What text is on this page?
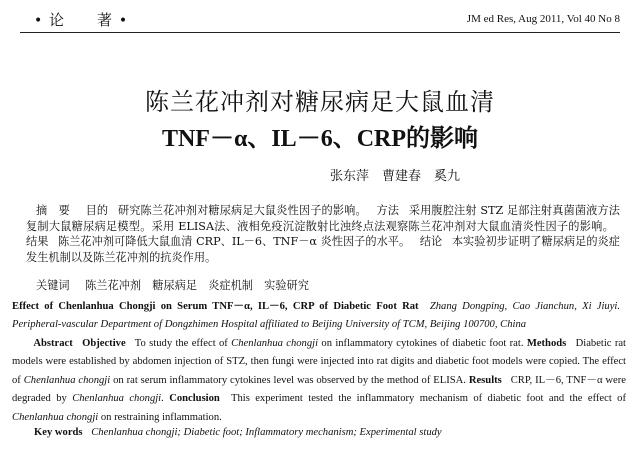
• 论　　著 •	JM ed Res, Aug 2011, Vol 40 No 8
陈兰花冲剂对糖尿病足大鼠血清
TNF－α、IL－6、CRP的影响
张东萍　曹建春　奚九
摘　要 目的 研究陈兰花冲剂对糖尿病足大鼠炎性因子的影响。 方法 采用腹腔注射 STZ 足部注射真菌菌液方法复制大鼠糖尿病足模型。采用 ELISA法、液相免疫沉淀散射比浊终点法观察陈兰花冲剂对大鼠血清炎性因子的影响。 结果 陈兰花冲剂可降低大鼠血清 CRP、IL－6、TNF－α 炎性因子的水平。 结论 本实验初步证明了糖尿病足的炎症发生机制以及陈兰花冲剂的抗炎作用。
关键词 陈兰花冲剂　糖尿病足　炎症机制　实验研究
Effect of Chenlanhua Chongji on Serum TNF－α, IL－6, CRP of Diabetic Foot Rat Zhang Dongping, Cao Jianchun, Xi Jiuyi. Peripheral-vascular Department of Dongzhimen Hospital affiliated to Beijing University of TCM, Beijing 100700, China
Abstract Objective To study the effect of Chenlanhua chongji on inflammatory cytokines of diabetic foot rat. Methods Diabetic rat models were established by abdomen injection of STZ, then fungi were injected into rat digits and diabetic foot models were copied. The effect of Chenlanhua chongji on rat serum inflammatory cytokines level was observed by the method of ELISA. Results CRP, IL－6, TNF－α were degraded by Chenlanhua chongji. Conclusion This experiment tested the inflammatory mechanism of diabetic foot and the effect of Chenlanhua chongji on restraining inflammation.
Key words Chenlanhua chongji; Diabetic foot; Inflammatory mechanism; Experimental study
